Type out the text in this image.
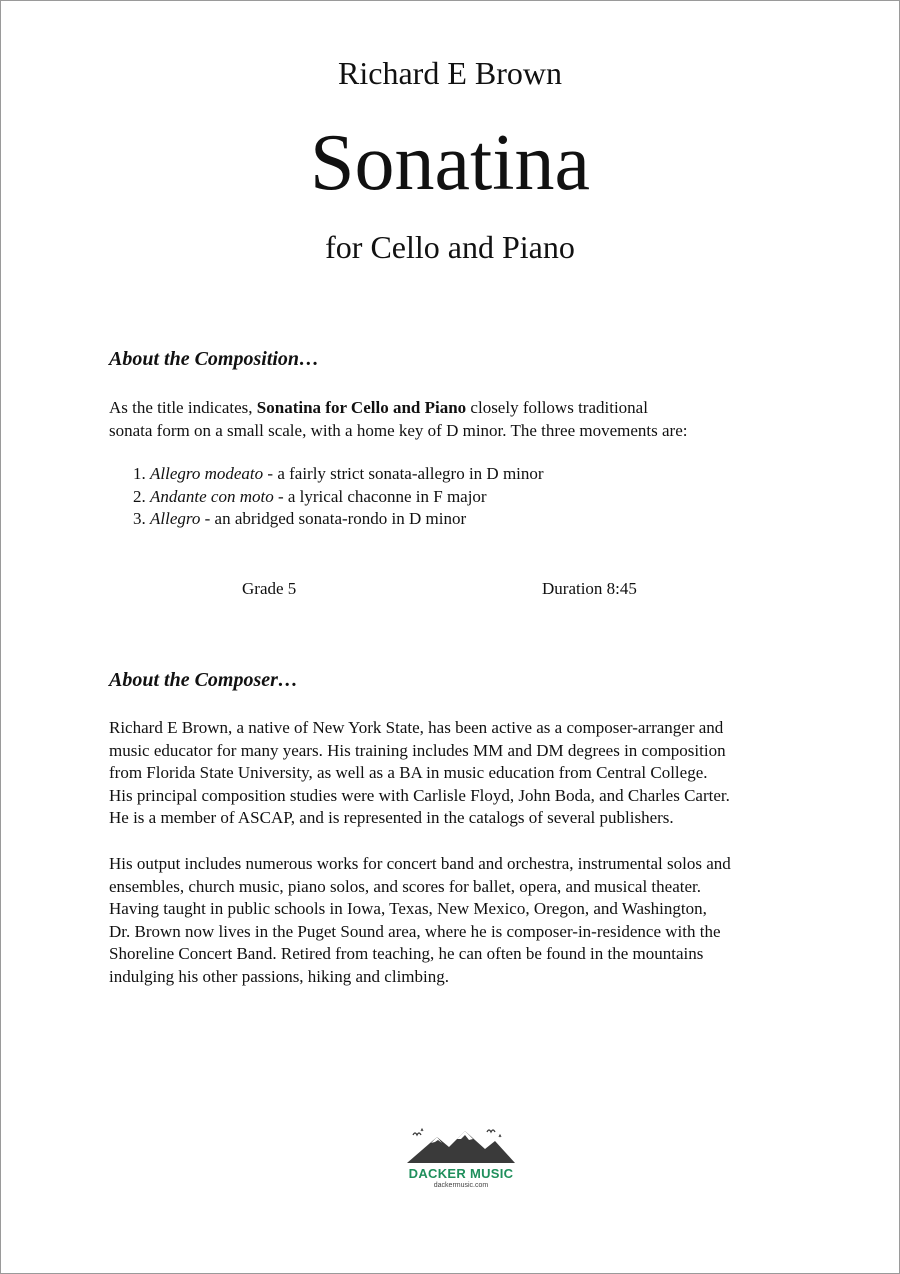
Richard E Brown
Sonatina
for Cello and Piano
About the Composition…
As the title indicates, Sonatina for Cello and Piano closely follows traditional
sonata form on a small scale, with a home key of D minor. The three movements are:
1. Allegro modeato - a fairly strict sonata-allegro in D minor
2. Andante con moto - a lyrical chaconne in F major
3. Allegro - an abridged sonata-rondo in D minor
Grade 5	Duration 8:45
About the Composer…
Richard E Brown, a native of New York State, has been active as a composer-arranger and
music educator for many years. His training includes MM and DM degrees in composition
from Florida State University, as well as a BA in music education from Central College.
His principal composition studies were with Carlisle Floyd, John Boda, and Charles Carter.
He is a member of ASCAP, and is represented in the catalogs of several publishers.
His output includes numerous works for concert band and orchestra, instrumental solos and
ensembles, church music, piano solos, and scores for ballet, opera, and musical theater.
Having taught in public schools in Iowa, Texas, New Mexico, Oregon, and Washington,
Dr. Brown now lives in the Puget Sound area, where he is composer-in-residence with the
Shoreline Concert Band. Retired from teaching, he can often be found in the mountains
indulging his other passions, hiking and climbing.
DACKER MUSIC
dackermusic.com
